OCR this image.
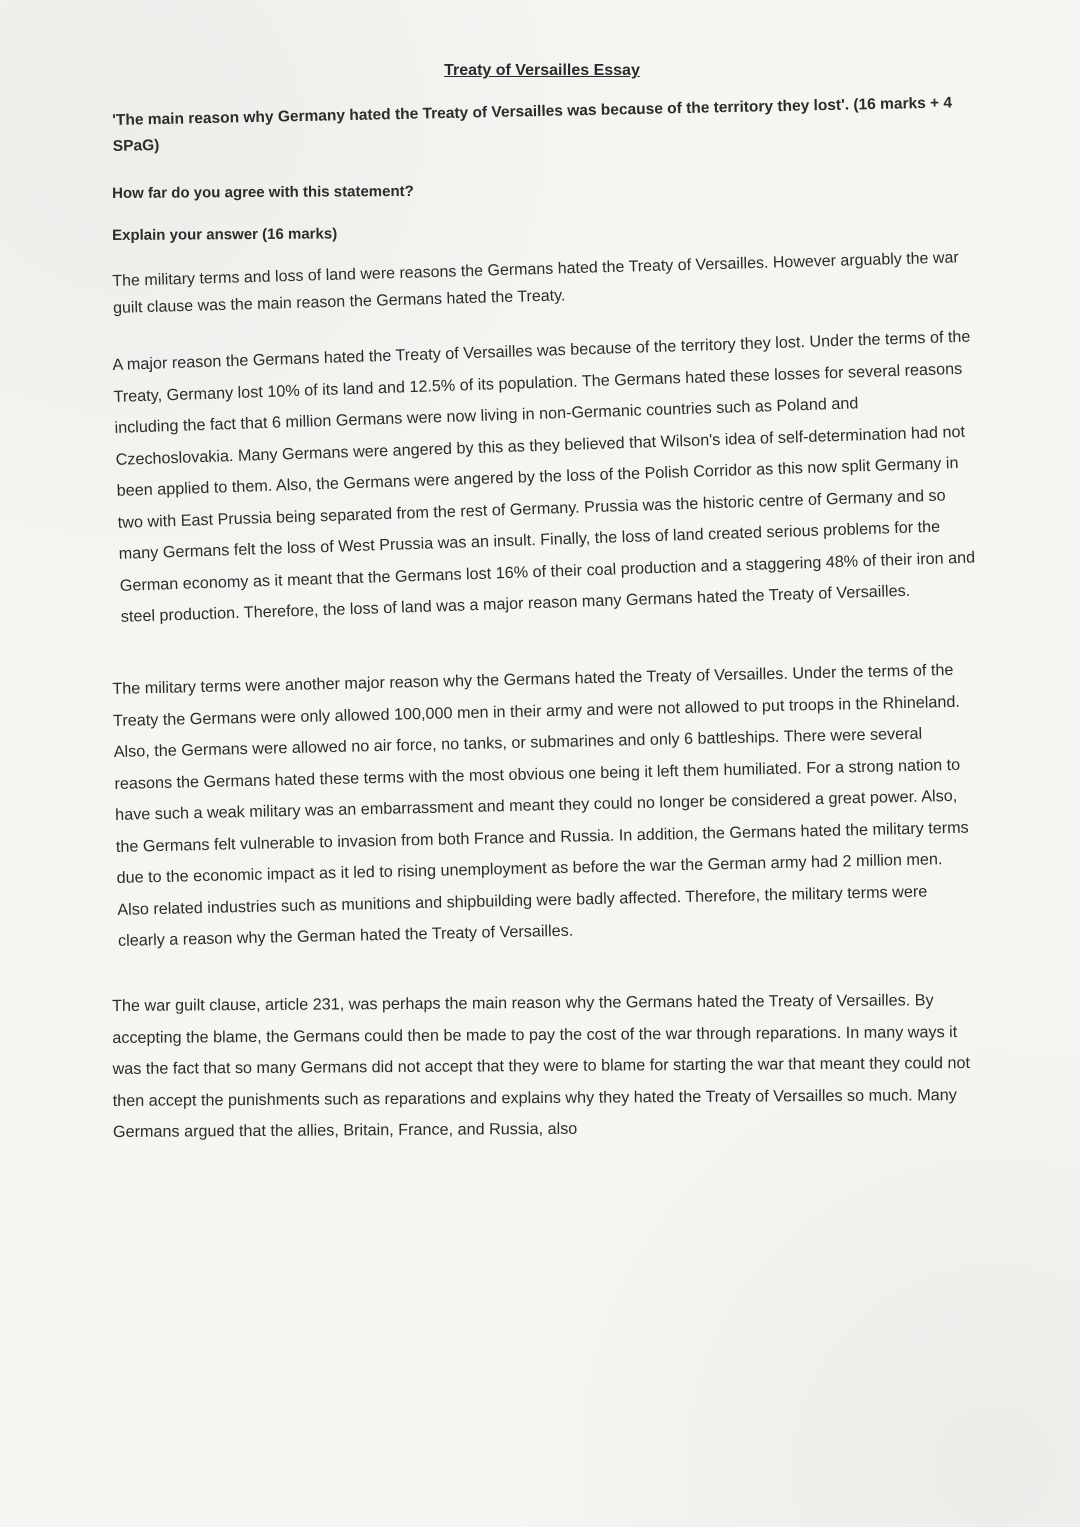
Treaty of Versailles Essay
'The main reason why Germany hated the Treaty of Versailles was because of the territory they lost'. (16 marks + 4 SPaG)
How far do you agree with this statement?
Explain your answer (16 marks)
The military terms and loss of land were reasons the Germans hated the Treaty of Versailles. However arguably the war guilt clause was the main reason the Germans hated the Treaty.
A major reason the Germans hated the Treaty of Versailles was because of the territory they lost. Under the terms of the Treaty, Germany lost 10% of its land and 12.5% of its population. The Germans hated these losses for several reasons including the fact that 6 million Germans were now living in non-Germanic countries such as Poland and Czechoslovakia. Many Germans were angered by this as they believed that Wilson's idea of self-determination had not been applied to them. Also, the Germans were angered by the loss of the Polish Corridor as this now split Germany in two with East Prussia being separated from the rest of Germany. Prussia was the historic centre of Germany and so many Germans felt the loss of West Prussia was an insult. Finally, the loss of land created serious problems for the German economy as it meant that the Germans lost 16% of their coal production and a staggering 48% of their iron and steel production. Therefore, the loss of land was a major reason many Germans hated the Treaty of Versailles.
The military terms were another major reason why the Germans hated the Treaty of Versailles. Under the terms of the Treaty the Germans were only allowed 100,000 men in their army and were not allowed to put troops in the Rhineland. Also, the Germans were allowed no air force, no tanks, or submarines and only 6 battleships. There were several reasons the Germans hated these terms with the most obvious one being it left them humiliated. For a strong nation to have such a weak military was an embarrassment and meant they could no longer be considered a great power. Also, the Germans felt vulnerable to invasion from both France and Russia. In addition, the Germans hated the military terms due to the economic impact as it led to rising unemployment as before the war the German army had 2 million men. Also related industries such as munitions and shipbuilding were badly affected. Therefore, the military terms were clearly a reason why the German hated the Treaty of Versailles.
The war guilt clause, article 231, was perhaps the main reason why the Germans hated the Treaty of Versailles. By accepting the blame, the Germans could then be made to pay the cost of the war through reparations. In many ways it was the fact that so many Germans did not accept that they were to blame for starting the war that meant they could not then accept the punishments such as reparations and explains why they hated the Treaty of Versailles so much. Many Germans argued that the allies, Britain, France, and Russia, also
